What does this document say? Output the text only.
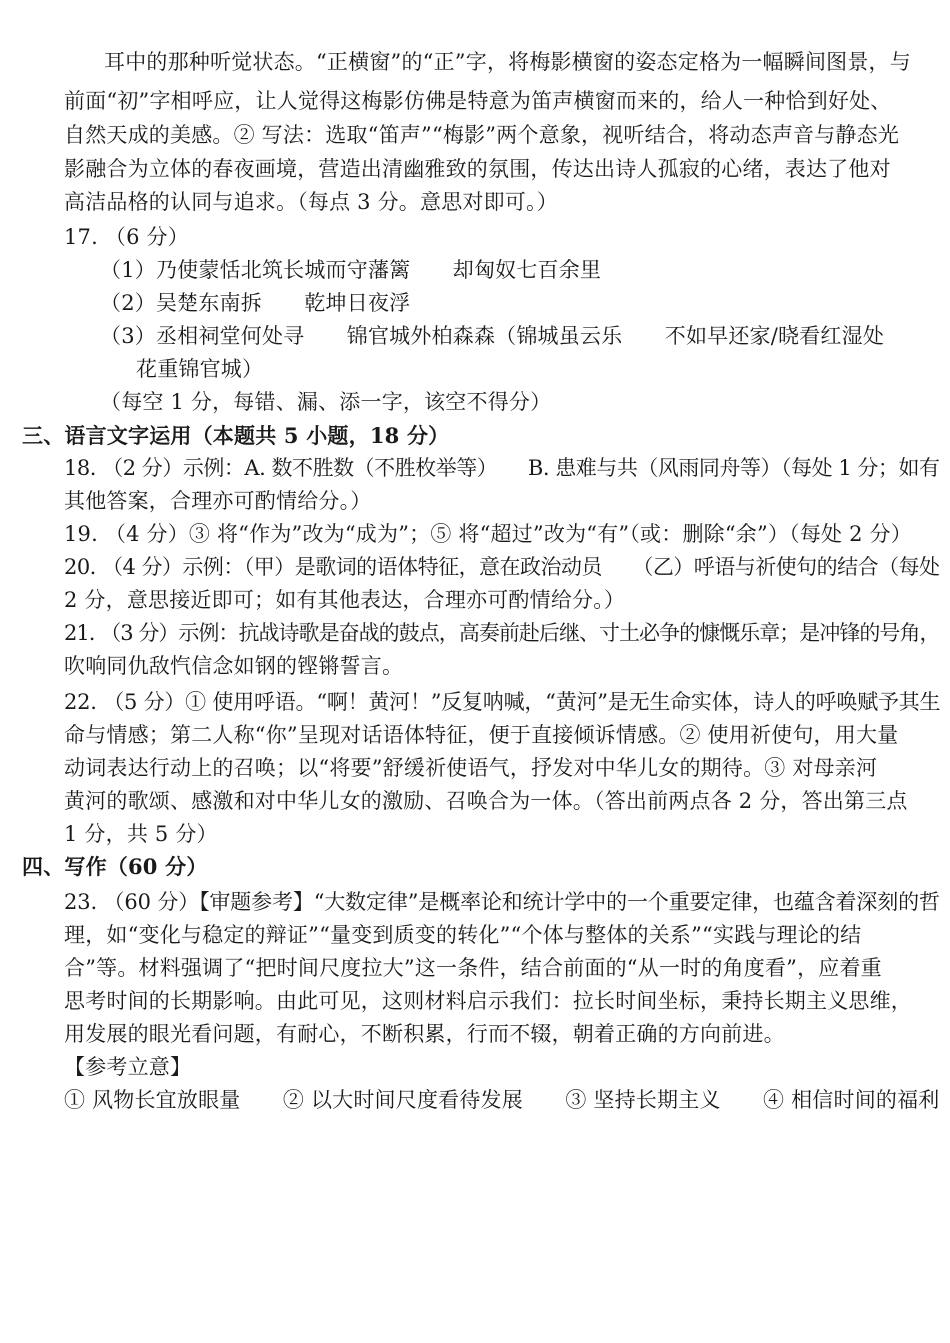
耳中的那种听觉状态。“正横窗”的“正”字，将梅影横窗的姿态定格为一幅瞬间图景，与
前面“初”字相呼应，让人觉得这梅影仿佛是特意为笛声横窗而来的，给人一种恰到好处、
自然天成的美感。② 写法：选取“笛声”“梅影”两个意象，视听结合，将动态声音与静态光
影融合为立体的春夜画境，营造出清幽雅致的氛围，传达出诗人孤寂的心绪，表达了他对
高洁品格的认同与追求。（每点 3 分。意思对即可。）
17. （6 分）
（1）乃使蒙恬北筑长城而守藩篱　　却匈奴七百余里
（2）吴楚东南拆　　乾坤日夜浮
（3）丞相祠堂何处寻　　锦官城外柏森森（锦城虽云乐　　不如早还家/晓看红湿处
花重锦官城）
（每空 1 分，每错、漏、添一字，该空不得分）
三、语言文字运用（本题共 5 小题，18 分）
18. （2 分）示例：A. 数不胜数（不胜枚举等）　　B. 患难与共（风雨同舟等）（每处 1 分；如有
其他答案，合理亦可酌情给分。）
19. （4 分）③ 将“作为”改为“成为”；⑤ 将“超过”改为“有”（或：删除“余”）（每处 2 分）
20. （4 分）示例：（甲）是歌词的语体特征，意在政治动员　　（乙）呼语与祈使句的结合（每处
2 分，意思接近即可；如有其他表达，合理亦可酌情给分。）
21. （3 分）示例：抗战诗歌是奋战的鼓点，高奏前赴后继、寸土必争的慷慨乐章；是冲锋的号角，
吹响同仇敌忾信念如钢的铿锵誓言。
22. （5 分）① 使用呼语。“啊！黄河！”反复呐喊，“黄河”是无生命实体，诗人的呼唤赋予其生
命与情感；第二人称“你”呈现对话语体特征，便于直接倾诉情感。② 使用祈使句，用大量
动词表达行动上的召唤；以“将要”舒缓祈使语气，抒发对中华儿女的期待。③ 对母亲河
黄河的歌颂、感激和对中华儿女的激励、召唤合为一体。（答出前两点各 2 分，答出第三点
1 分，共 5 分）
四、写作（60 分）
23. （60 分）【审题参考】“大数定律”是概率论和统计学中的一个重要定律，也蕴含着深刻的哲
理，如“变化与稳定的辩证”“量变到质变的转化”“个体与整体的关系”“实践与理论的结
合”等。材料强调了“把时间尺度拉大”这一条件，结合前面的“从一时的角度看”，应着重
思考时间的长期影响。由此可见，这则材料启示我们：拉长时间坐标，秉持长期主义思维，
用发展的眼光看问题，有耐心，不断积累，行而不辍，朝着正确的方向前进。
【参考立意】
① 风物长宜放眼量　　② 以大时间尺度看待发展　　③ 坚持长期主义　　④ 相信时间的福利
